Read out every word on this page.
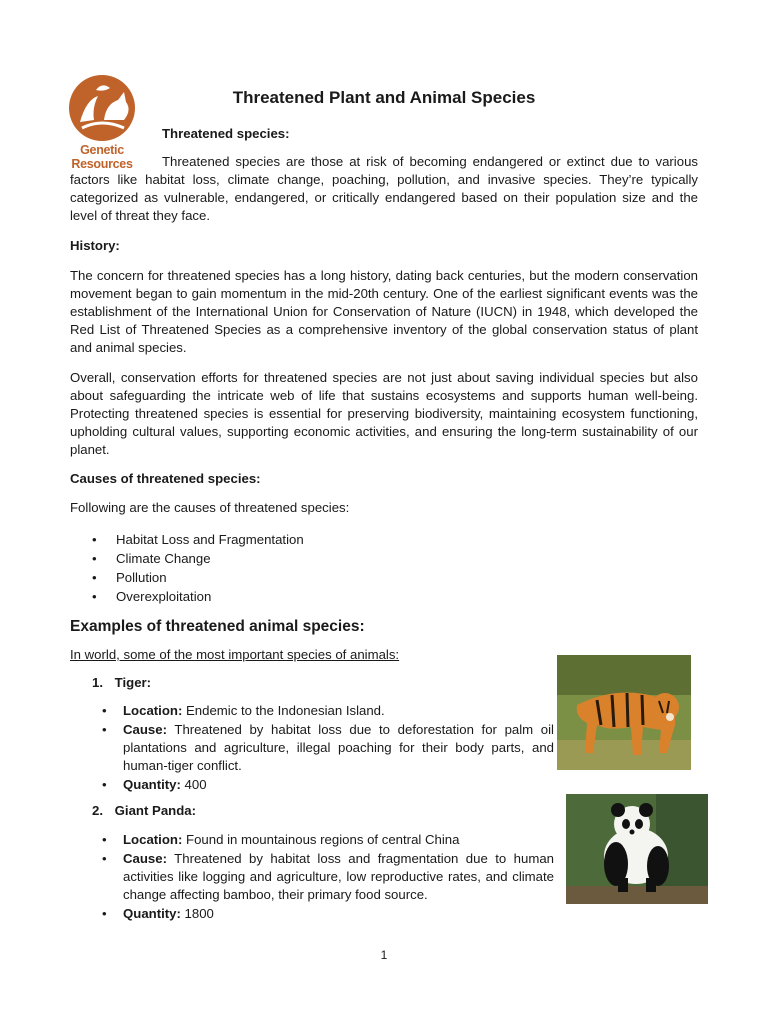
Genetic Resources
Threatened Plant and Animal Species
Threatened species:

Threatened species are those at risk of becoming endangered or extinct due to various factors like habitat loss, climate change, poaching, pollution, and invasive species. They’re typically categorized as vulnerable, endangered, or critically endangered based on their population size and the level of threat they face.

History:

The concern for threatened species has a long history, dating back centuries, but the modern conservation movement began to gain momentum in the mid-20th century. One of the earliest significant events was the establishment of the International Union for Conservation of Nature (IUCN) in 1948, which developed the Red List of Threatened Species as a comprehensive inventory of the global conservation status of plant and animal species.

Overall, conservation efforts for threatened species are not just about saving individual species but also about safeguarding the intricate web of life that sustains ecosystems and supports human well-being. Protecting threatened species is essential for preserving biodiversity, maintaining ecosystem functioning, upholding cultural values, supporting economic activities, and ensuring the long-term sustainability of our planet.

Causes of threatened species:
Following are the causes of threatened species:
• Habitat Loss and Fragmentation
• Climate Change
• Pollution
• Overexploitation
Examples of threatened animal species:
In world, some of the most important species of animals:
1. Tiger:
• Location: Endemic to the Indonesian Island.
• Cause: Threatened by habitat loss due to deforestation for palm oil plantations and agriculture, illegal poaching for their body parts, and human-tiger conflict.
• Quantity: 400
2. Giant Panda:
• Location: Found in mountainous regions of central China
• Cause: Threatened by habitat loss and fragmentation due to human activities like logging and agriculture, low reproductive rates, and climate change affecting bamboo, their primary food source.
• Quantity: 1800
1
